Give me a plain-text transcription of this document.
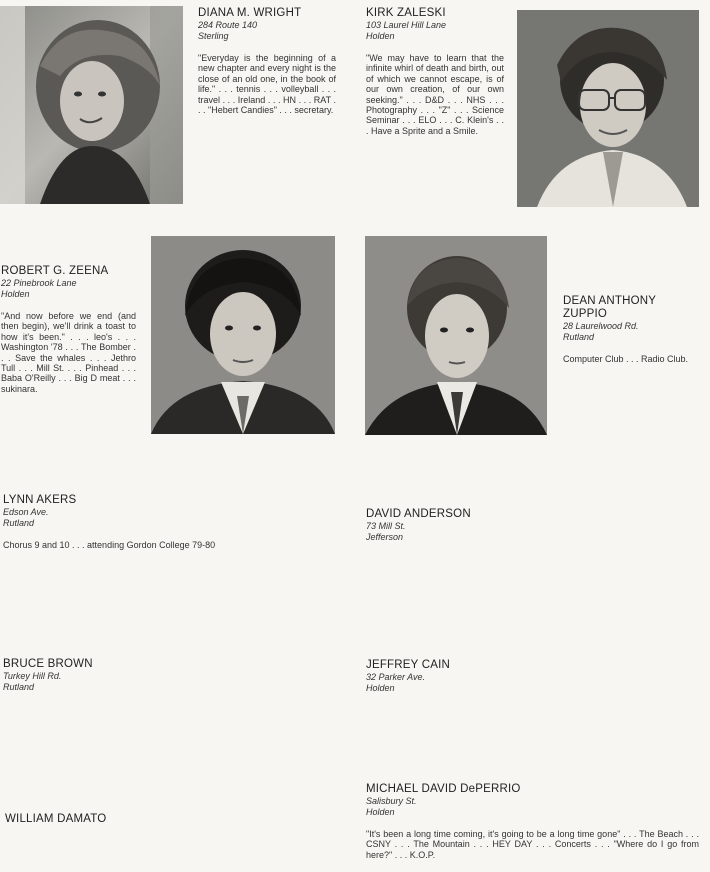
DIANA M. WRIGHT
284 Route 140
Sterling
"Everyday is the beginning of a new chapter and every night is the close of an old one, in the book of life." . . . tennis . . . volleyball . . . travel . . . Ireland . . . HN . . . RAT . . . "Hebert Candies" . . . secretary.
KIRK ZALESKI
103 Laurel Hill Lane
Holden
"We may have to learn that the infinite whirl of death and birth, out of which we cannot escape, is of our own creation, of our own seeking." . . . D&D . . . NHS . . . Photography . . . "Z" . . . Science Seminar . . . ELO . . . C. Klein's . . . Have a Sprite and a Smile.
ROBERT G. ZEENA
22 Pinebrook Lane
Holden
"And now before we end (and then begin), we'll drink a toast to how it's been." . . . leo's . . . Washington '78 . . . The Bomber . . . Save the whales . . . Jethro Tull . . . Mill St. . . . Pinhead . . . Baba O'Reilly . . . Big D meat . . . sukinara.
DEAN ANTHONY ZUPPIO
28 Laurelwood Rd.
Rutland
Computer Club . . . Radio Club.
LYNN AKERS
Edson Ave.
Rutland
Chorus 9 and 10 . . . attending Gordon College 79-80
DAVID ANDERSON
73 Mill St.
Jefferson
BRUCE BROWN
Turkey Hill Rd.
Rutland
JEFFREY CAIN
32 Parker Ave.
Holden
MICHAEL DAVID DePERRIO
Salisbury St.
Holden
"It's been a long time coming, it's going to be a long time gone" . . . The Beach . . . CSNY . . . The Mountain . . . HEY DAY . . . Concerts . . . "Where do I go from here?" . . . K.O.P.
WILLIAM DAMATO
